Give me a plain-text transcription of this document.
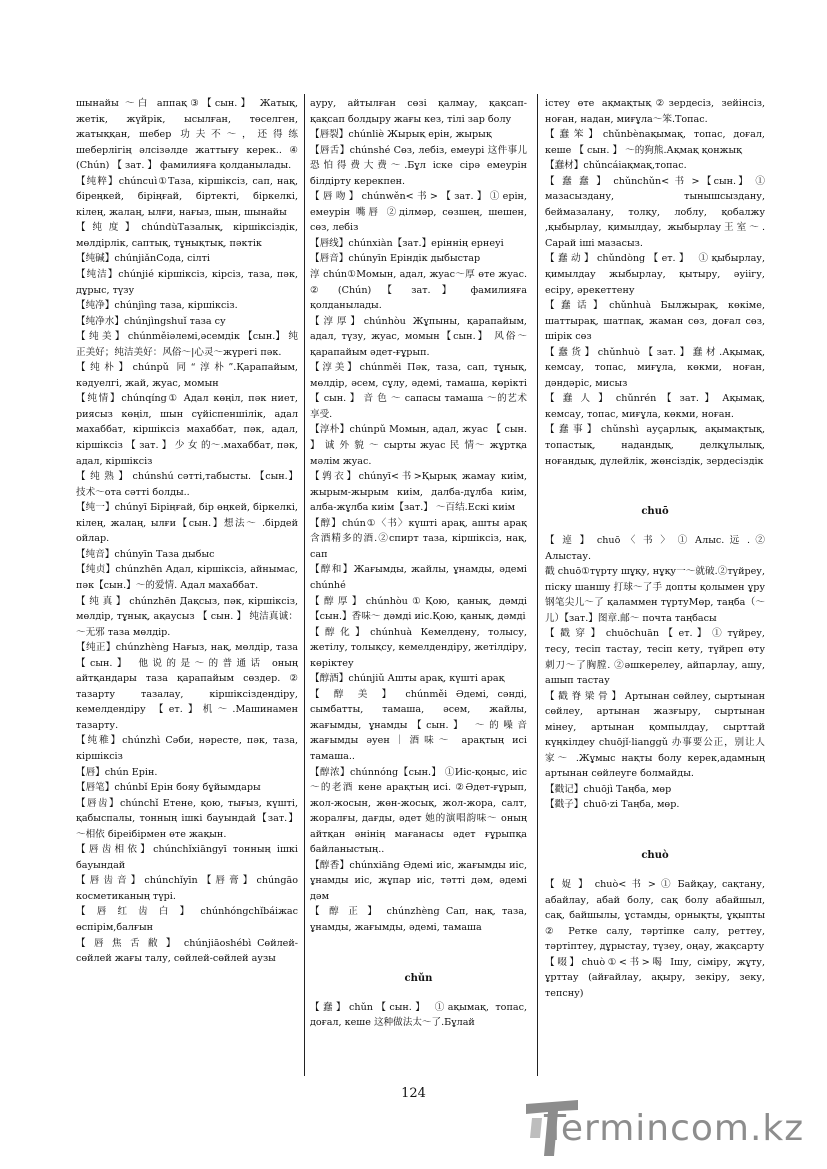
шынайы ～白 аппақ③【сын.】 Жатық, жетік, жүйрік, ысылған, төселген, жатыққан, шебер 功夫不～，还得练 шеберлігің әлсізәлде жаттығу керек.. ④ (Chún) 【 зат. 】 фамилияға қолданылады.

【纯粹】chúncuì①Таза, кіршіксіз, сап, нақ, біреңкей, біріңғай, біртекті, біркелкі, кілең, жалаң, ылғи, нағыз, шын, шынайы

【纯度】chúndùТазалық, кіршіксіздік, мөлдірлік, саптық, тұнықтық, пәктік

【纯碱】chúnjiǎnСода, сілті

【纯洁】chúnjié кіршіксіз, кірсіз, таза, пәк, дұрыс, түзу

【纯净】chúnjìng таза, кіршіксіз.

【纯净水】chúnjìngshuǐ таза су

【 纯 美 】 chúnměiәлемі,әсемдік 【сын.】 纯正美好；纯洁美好：风俗～|心灵～жүрегі пәк.

【纯朴】chúnpǔ 同“淳朴”.Қарапайым, кәдуелгі, жай, жуас, момын

【纯情】chúnqíng① Адал көңіл, пәк ниет, риясыз көңіл, шын сүйіспеншілік, адал махаббат, кіршіксіз махаббат, пәк, адал, кіршіксіз 【 зат. 】 少 女 的～.махаббат, пәк, адал, кіршіксіз

【 纯 熟 】 chúnshú сәтті,табысты. 【сын.】技术～ота сәтті болды..

【纯一】chúnyī Біріңғай, бір өңкей, біркелкі, кілең, жалаң, ылғи【сын.】想法～ .бірдей ойлар.

【纯音】chúnyīn Таза дыбыс

【纯贞】chúnzhēn Адал, кіршіксіз, айнымас, пәк【сын.】～的爱情. Адал махаббат.

【 纯 真 】 chúnzhēn Дақсыз, пәк, кіршіксіз, мөлдір, тұнық, ақаусыз 【 сын. 】 纯洁真诚：～无邪 таза мөлдір.

【纯正】chúnzhèng Нағыз, нақ, мөлдір, таза【сын.】 他说的是～的普通话 оның айтқандары таза қарапайым сөздер. ② тазарту тазалау, кіршіксіздендіру, кемелдендіру 【ет.】机～.Машинамен тазарту.

【纯稚】chúnzhì Сәби, нәресте, пәк, таза, кіршіксіз

【唇】chún Ерін.

【唇笔】chúnbǐ Ерін бояу бұйымдары

【唇齿】chúnchǐ Етене, қою, тығыз, күшті, қабыспалы, тонның ішкі бауындай【зат.】 ～相依 біреібірмен өте жақын.

【唇齿相依】chúnchǐxiāngyī тонның ішкі бауындай

【唇齿音】chúnchǐyīn【唇膏】chúngāo косметиканың түрі.

【 唇 红 齿 白 】 chúnhóngchǐbáiжас өспірім,балғын

【 唇 焦 舌 敝 】 chúnjiāoshébì Сөйлей-сөйлей жағы талу, сөйлей-сөйлей аузы

ауру, айтылған сөзі қалмау, қақсап-қақсап болдыру жағы кез, тілі зар болу

【唇裂】chúnliè Жырық ерін, жырық

【唇舌】chúnshé Сөз, лебіз, емеурі 这件事儿恐怕得费大费～.Бұл іске сірә емеурін білдірту керекпен.

【唇吻】chúnwěn<书>【зат.】①ерін, емеурін 嘴唇 ②ділмәр, сөзшең, шешен, сөз, лебіз

【唇线】chúnxiàn【зат.】еріннің ернеуі

【唇音】chúnyīn Еріндік дыбыстар

淳 chún①Момын, адал, жуас～厚 өте жуас. ② (Chún) 【 зат. 】 фамилияға қолданылады.

【淳厚】chúnhòu Жұпыны, қарапайым, адал, түзу, жуас, момын【сын.】 风俗～ қарапайым әдет-ғұрып.

【淳美】chúnměi Пәк, таза, сап, тұнық, мөлдір, әсем, сұлу, әдемі, тамаша, көрікті【 сын. 】 音 色 ～ сапасы тамаша ～的艺术享受.

【淳朴】chúnpǔ Момын, адал, жуас 【 сын. 】 诚 外 貌 ～ сырты жуас 民 情～ жұртқа мәлім жуас.

【鹑衣】chúnyī<书>Қырық жамау киім, жырым-жырым киім, далба-дұлба киім, алба-жұлба киім【зат.】 ～百结.Ескі киім

【醇】chún①〈书〉күшті арақ, ашты арақ 含酒精多的酒.②спирт таза, кіршіксіз, нақ, сап

【醇和】Жағымды, жайлы, ұнамды, әдемі chúnhé

【醇厚】chúnhòu①Қою, қанық, дәмді 【сын.】香味～ дәмді иіс.Қою, қанық, дәмді

【醇化】chúnhuà Кемелдену, толысу, жетілу, толықсу, кемелдендіру, жетілдіру, көріктеу

【醇酒】chúnjiǔ Ашты арақ, күшті арақ

【 醇 美 】 chúnměi Әдемі, сәнді, сымбатты, тамаша, әсем, жайлы, жағымды, ұнамды【сын.】 ～的噪音 жағымды әуен｜酒味～ арақтың исі тамаша..

【醇浓】chúnnóng【сын.】 ①Иіс-қоңыс, иіс ～的老酒 кене арақтың исі. ②Әдет-ғұрып, жол-жосын, жөн-жосық, жол-жора, салт, жоралғы, дағды, әдет 她的演唱韵味～ оның айтқан әнінің мағанасы әдет ғұрыпқа байланыстың..

【醇香】chúnxiāng Әдемі иіс, жағымды иіс, ұнамды иіс, жұпар иіс, тәтті дәм, әдемі дәм

【 醇 正 】 chúnzhèng Сап, нақ, таза, ұнамды, жағымды, әдемі, тамаша

chǔn

【蠢】chǔn【сын.】 ①ақымақ, топас, доғал, кеше 这种做法太～了.Бұлай

істеу өте ақмақтық②зердесіз, зейінсіз, ноған, надан, миғұла～笨.Топас.

【蠢笨】chǔnbènақымақ, топас, доғал, кеше 【 сын. 】 ～的狗熊.Ақмақ қонжық

【蠢材】chǔncáiақмақ,топас.

【 蠢 蠢 】 chǔnchǔn< 书 >【сын.】 ① мазасыздану, тынышсыздану, беймазалану, толқу, лоблу, қобалжу ,қыбырлау, қимылдау, жыбырлау王室～. Сарай іші мазасыз.

【蠢动】chǔndòng【ет.】 ①қыбырлау, қимылдау жыбырлау, қытыру, әуіігу, есіру, әрекеттену

【蠢话】chǔnhuà Былжырақ, көкіме, шаттырақ, шатпақ, жаман сөз, доғал сөз, шірік сөз

【蠢货】chǔnhuò【зат.】蠢材.Ақымақ, кемсау, топас, миғұла, көкми, ноған, дәндәріс, мисыз

【 蠢 人 】 chǔnrén 【 зат. 】 Ақымақ, кемсау, топас, миғұла, көкми, ноған.

【蠢事】chǔnshì ауҫарлық, ақымақтық, топастық, надандық, делқұлылық, ноғандық, дүлейлік, жөнсіздік, зердесіздік

chuō

【 逴 】 chuō 〈 书 〉 ① Алыс. 远 . ② Алыстау.

戳 chuō①түрту шұқу, нұқу一～就破.②түйреу, піску шаншу 打球～了手 допты қолымен ұру 钢笔尖儿～了 қаламмен түртуМөр, таңба（～儿）【зат.】图章.邮～ почта таңбасы

【 戳 穿 】 chuōchuān 【 ет. 】 ① түйреу, тесу, тесіп тастау, тесіп кету, түйреп өту 刺刀～了胸膛. ②әшкерелеу, айпарлау, ашу, ашып тастау

【 戳 脊 梁 骨 】 Артынан сөйлеу, сыртынан сөйлеу, артынан жазғыру, сыртынан мінеу, артынан қомпылдау, сырттай күңкілдеу chuōjǐ·lianggǔ 办事要公正，别让人家～ .Жұмыс нақты болу керек,адамның артынан сөйлеуге болмайды.

【戳记】chuōjì Таңба, мөр

【戳子】chuō·zi Таңба, мөр.

chuò

【 娖 】 chuò< 书 > ① Байқау, сақтану, абайлау, абай болу, сақ болу абайшыл, сақ, байшылы, ұстамды, орнықты, ұқыпты ② Ретке салу, тәртіпке салу, реттеу, тәртіптеу, дұрыстау, түзеу, оңау, жақсарту

【啜】chuò①<书>喝 Ішу, сіміру, жұту, ұрттау (айғайлау, ақыру, зекіру, зеку, тепсну)

124
Termincom.kz
